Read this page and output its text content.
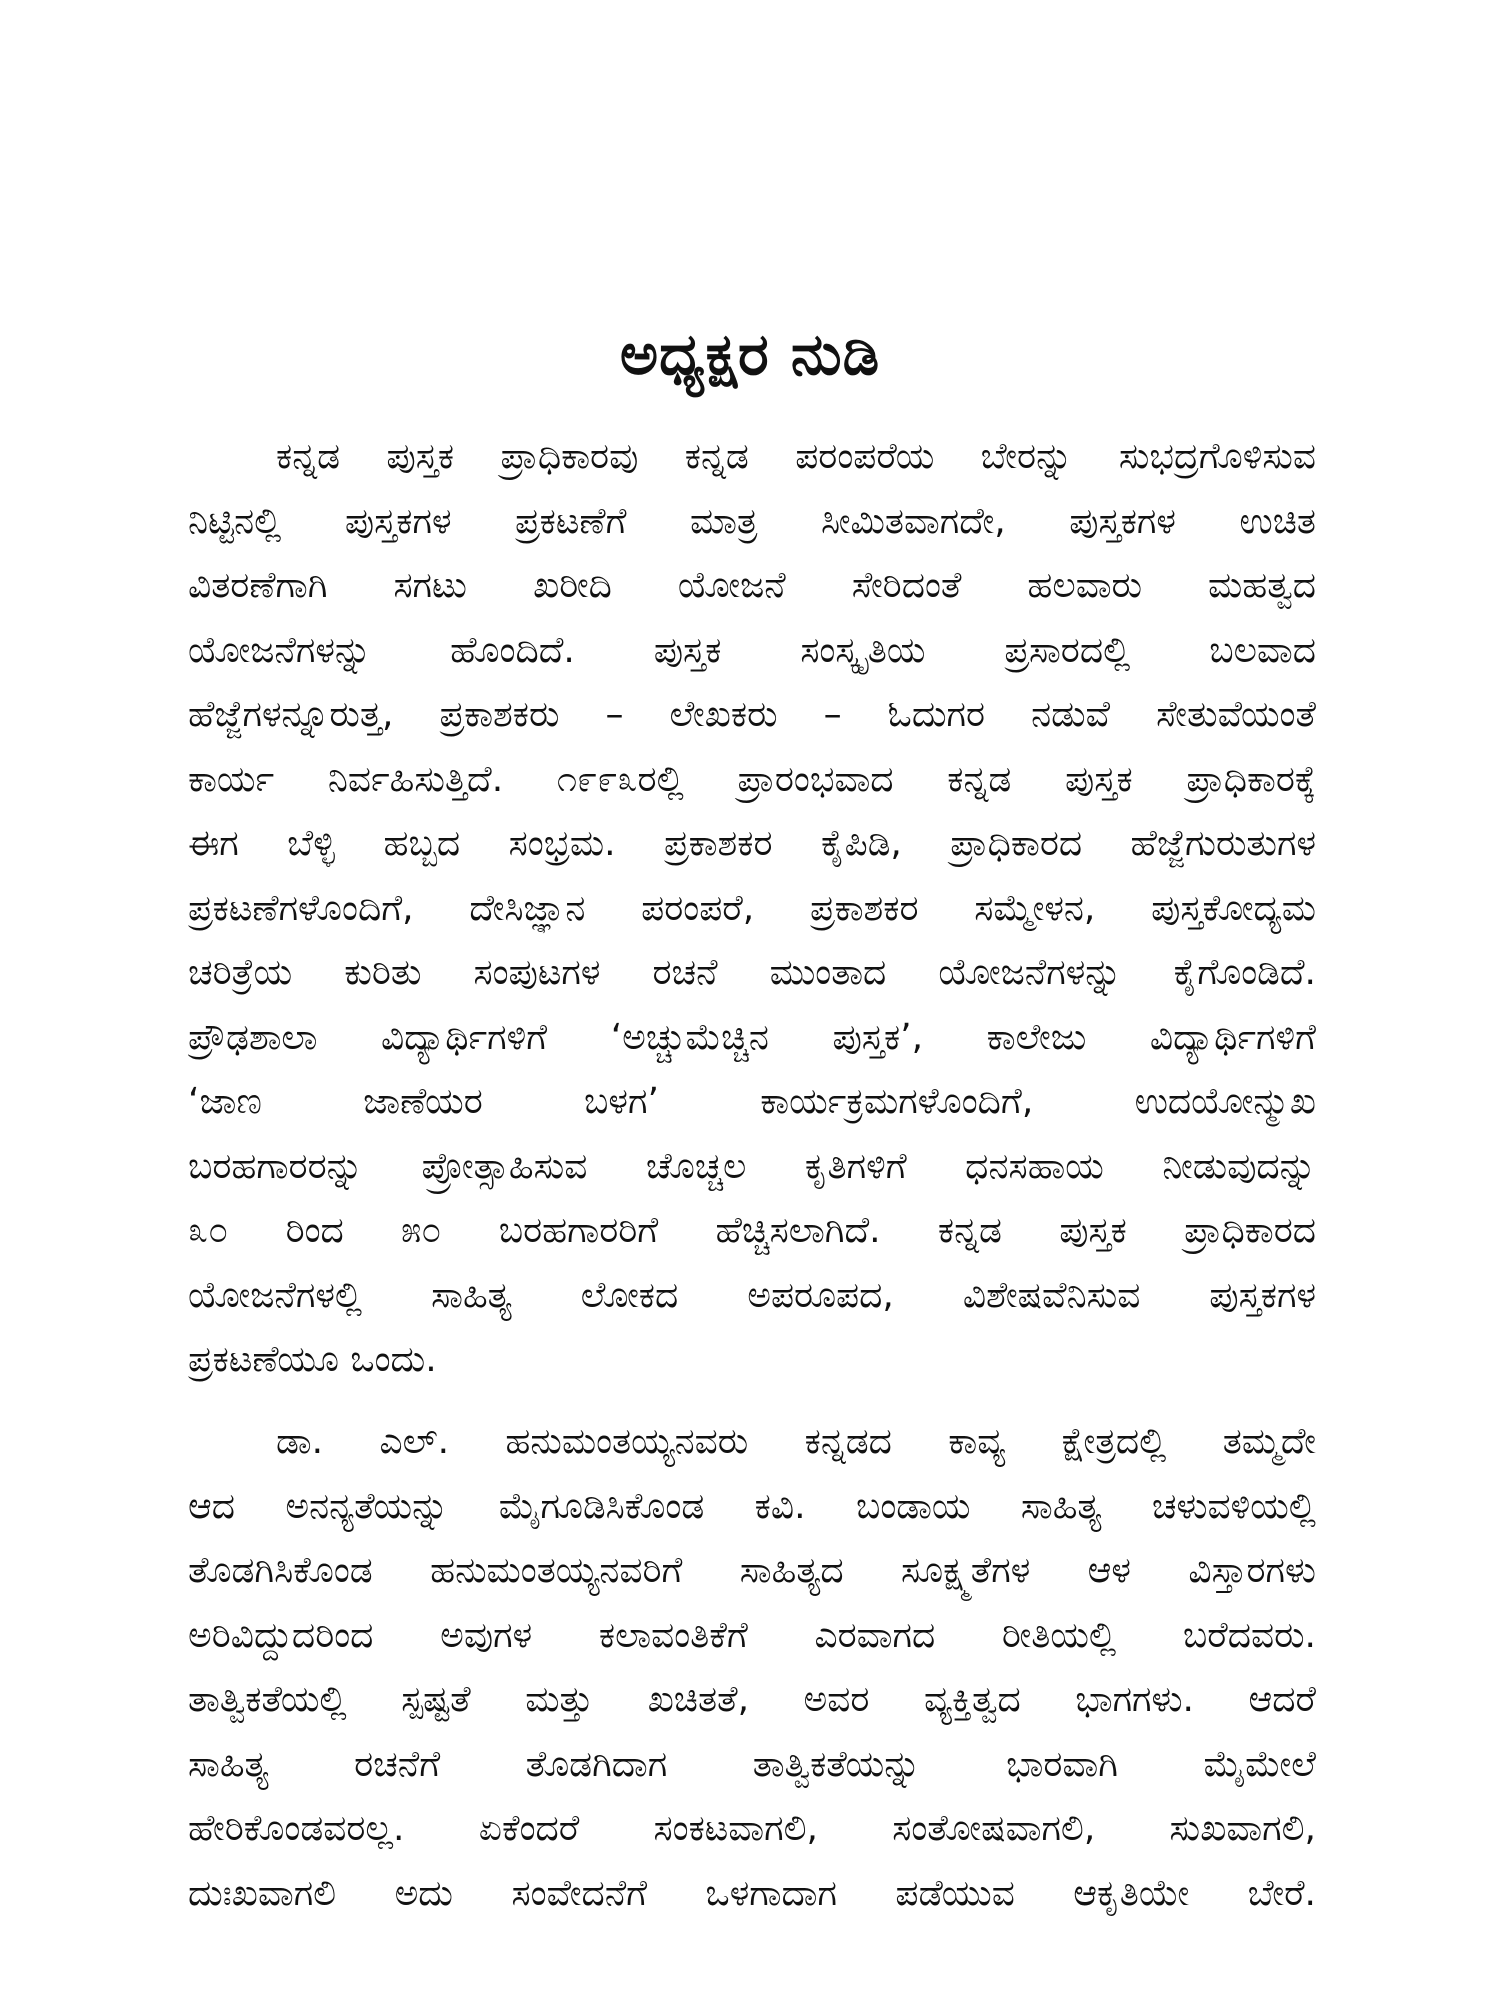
ಅಧ್ಯಕ್ಷರ ನುಡಿ
ಕನ್ನಡ ಪುಸ್ತಕ ಪ್ರಾಧಿಕಾರವು ಕನ್ನಡ ಪರಂಪರೆಯ ಬೇರನ್ನು ಸುಭದ್ರಗೊಳಿಸುವ
ನಿಟ್ಟಿನಲ್ಲಿ ಪುಸ್ತಕಗಳ ಪ್ರಕಟಣೆಗೆ ಮಾತ್ರ ಸೀಮಿತವಾಗದೇ, ಪುಸ್ತಕಗಳ ಉಚಿತ
ವಿತರಣೆಗಾಗಿ ಸಗಟು ಖರೀದಿ ಯೋಜನೆ ಸೇರಿದಂತೆ ಹಲವಾರು ಮಹತ್ವದ
ಯೋಜನೆಗಳನ್ನು ಹೊಂದಿದೆ. ಪುಸ್ತಕ ಸಂಸ್ಕೃತಿಯ ಪ್ರಸಾರದಲ್ಲಿ ಬಲವಾದ
ಹೆಜ್ಜೆಗಳನ್ನೂರುತ್ತ, ಪ್ರಕಾಶಕರು – ಲೇಖಕರು – ಓದುಗರ ನಡುವೆ ಸೇತುವೆಯಂತೆ
ಕಾರ್ಯ ನಿರ್ವಹಿಸುತ್ತಿದೆ. ೧೯೯೩ರಲ್ಲಿ ಪ್ರಾರಂಭವಾದ ಕನ್ನಡ ಪುಸ್ತಕ ಪ್ರಾಧಿಕಾರಕ್ಕೆ
ಈಗ ಬೆಳ್ಳಿ ಹಬ್ಬದ ಸಂಭ್ರಮ. ಪ್ರಕಾಶಕರ ಕೈಪಿಡಿ, ಪ್ರಾಧಿಕಾರದ ಹೆಜ್ಜೆಗುರುತುಗಳ
ಪ್ರಕಟಣೆಗಳೊಂದಿಗೆ, ದೇಸಿಜ್ಞಾನ ಪರಂಪರೆ, ಪ್ರಕಾಶಕರ ಸಮ್ಮೇಳನ, ಪುಸ್ತಕೋದ್ಯಮ
ಚರಿತ್ರೆಯ ಕುರಿತು ಸಂಪುಟಗಳ ರಚನೆ ಮುಂತಾದ ಯೋಜನೆಗಳನ್ನು ಕೈಗೊಂಡಿದೆ.
ಪ್ರೌಢಶಾಲಾ ವಿದ್ಯಾರ್ಥಿಗಳಿಗೆ ‘ಅಚ್ಚುಮೆಚ್ಚಿನ ಪುಸ್ತಕ’, ಕಾಲೇಜು ವಿದ್ಯಾರ್ಥಿಗಳಿಗೆ
‘ಜಾಣ ಜಾಣೆಯರ ಬಳಗ’ ಕಾರ್ಯಕ್ರಮಗಳೊಂದಿಗೆ, ಉದಯೋನ್ಮುಖ
ಬರಹಗಾರರನ್ನು ಪ್ರೋತ್ಸಾಹಿಸುವ ಚೊಚ್ಚಲ ಕೃತಿಗಳಿಗೆ ಧನಸಹಾಯ ನೀಡುವುದನ್ನು
೩೦ ರಿಂದ ೫೦ ಬರಹಗಾರರಿಗೆ ಹೆಚ್ಚಿಸಲಾಗಿದೆ. ಕನ್ನಡ ಪುಸ್ತಕ ಪ್ರಾಧಿಕಾರದ
ಯೋಜನೆಗಳಲ್ಲಿ ಸಾಹಿತ್ಯ ಲೋಕದ ಅಪರೂಪದ, ವಿಶೇಷವೆನಿಸುವ ಪುಸ್ತಕಗಳ
ಪ್ರಕಟಣೆಯೂ ಒಂದು.
ಡಾ. ಎಲ್. ಹನುಮಂತಯ್ಯನವರು ಕನ್ನಡದ ಕಾವ್ಯ ಕ್ಷೇತ್ರದಲ್ಲಿ ತಮ್ಮದೇ
ಆದ ಅನನ್ಯತೆಯನ್ನು ಮೈಗೂಡಿಸಿಕೊಂಡ ಕವಿ. ಬಂಡಾಯ ಸಾಹಿತ್ಯ ಚಳುವಳಿಯಲ್ಲಿ
ತೊಡಗಿಸಿಕೊಂಡ ಹನುಮಂತಯ್ಯನವರಿಗೆ ಸಾಹಿತ್ಯದ ಸೂಕ್ಷ್ಮತೆಗಳ ಆಳ ವಿಸ್ತಾರಗಳು
ಅರಿವಿದ್ದುದರಿಂದ ಅವುಗಳ ಕಲಾವಂತಿಕೆಗೆ ಎರವಾಗದ ರೀತಿಯಲ್ಲಿ ಬರೆದವರು.
ತಾತ್ವಿಕತೆಯಲ್ಲಿ ಸ್ಪಷ್ಟತೆ ಮತ್ತು ಖಚಿತತೆ, ಅವರ ವ್ಯಕ್ತಿತ್ವದ ಭಾಗಗಳು. ಆದರೆ
ಸಾಹಿತ್ಯ ರಚನೆಗೆ ತೊಡಗಿದಾಗ ತಾತ್ವಿಕತೆಯನ್ನು ಭಾರವಾಗಿ ಮೈಮೇಲೆ
ಹೇರಿಕೊಂಡವರಲ್ಲ. ಏಕೆಂದರೆ ಸಂಕಟವಾಗಲಿ, ಸಂತೋಷವಾಗಲಿ, ಸುಖವಾಗಲಿ,
ದುಃಖವಾಗಲಿ ಅದು ಸಂವೇದನೆಗೆ ಒಳಗಾದಾಗ ಪಡೆಯುವ ಆಕೃತಿಯೇ ಬೇರೆ.
